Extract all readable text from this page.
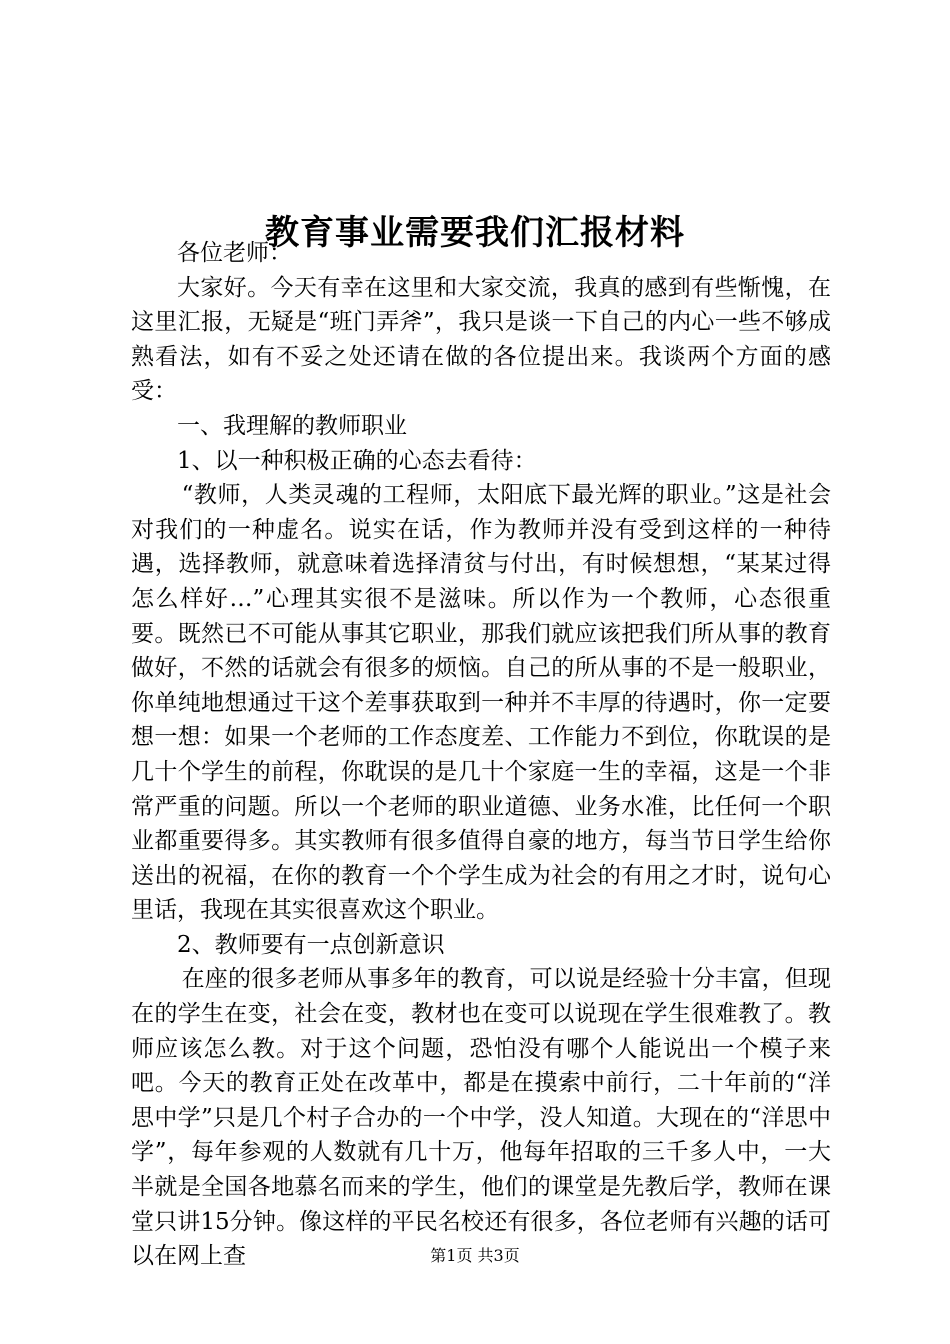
教育事业需要我们汇报材料

各位老师：

大家好。今天有幸在这里和大家交流，我真的感到有些惭愧，在这里汇报，无疑是“班门弄斧”，我只是谈一下自己的内心一些不够成熟看法，如有不妥之处还请在做的各位提出来。我谈两个方面的感受：

一、我理解的教师职业

1、以一种积极正确的心态去看待：

“教师，人类灵魂的工程师，太阳底下最光辉的职业。”这是社会对我们的一种虚名。说实在话，作为教师并没有受到这样的一种待遇，选择教师，就意味着选择清贫与付出，有时候想想，“某某过得怎么样好…”心理其实很不是滋味。所以作为一个教师，心态很重要。既然已不可能从事其它职业，那我们就应该把我们所从事的教育做好，不然的话就会有很多的烦恼。自己的所从事的不是一般职业，你单纯地想通过干这个差事获取到一种并不丰厚的待遇时，你一定要想一想：如果一个老师的工作态度差、工作能力不到位，你耽误的是几十个学生的前程，你耽误的是几十个家庭一生的幸福，这是一个非常严重的问题。所以一个老师的职业道德、业务水准，比任何一个职业都重要得多。其实教师有很多值得自豪的地方，每当节日学生给你送出的祝福，在你的教育一个个学生成为社会的有用之才时，说句心里话，我现在其实很喜欢这个职业。

2、教师要有一点创新意识

在座的很多老师从事多年的教育，可以说是经验十分丰富，但现在的学生在变，社会在变，教材也在变可以说现在学生很难教了。教师应该怎么教。对于这个问题，恐怕没有哪个人能说出一个模子来吧。今天的教育正处在改革中，都是在摸索中前行，二十年前的“洋思中学”只是几个村子合办的一个中学，没人知道。大现在的“洋思中学”，每年参观的人数就有几十万，他每年招取的三千多人中，一大半就是全国各地慕名而来的学生，他们的课堂是先教后学，教师在课堂只讲15分钟。像这样的平民名校还有很多，各位老师有兴趣的话可以在网上查	第1页 共3页
